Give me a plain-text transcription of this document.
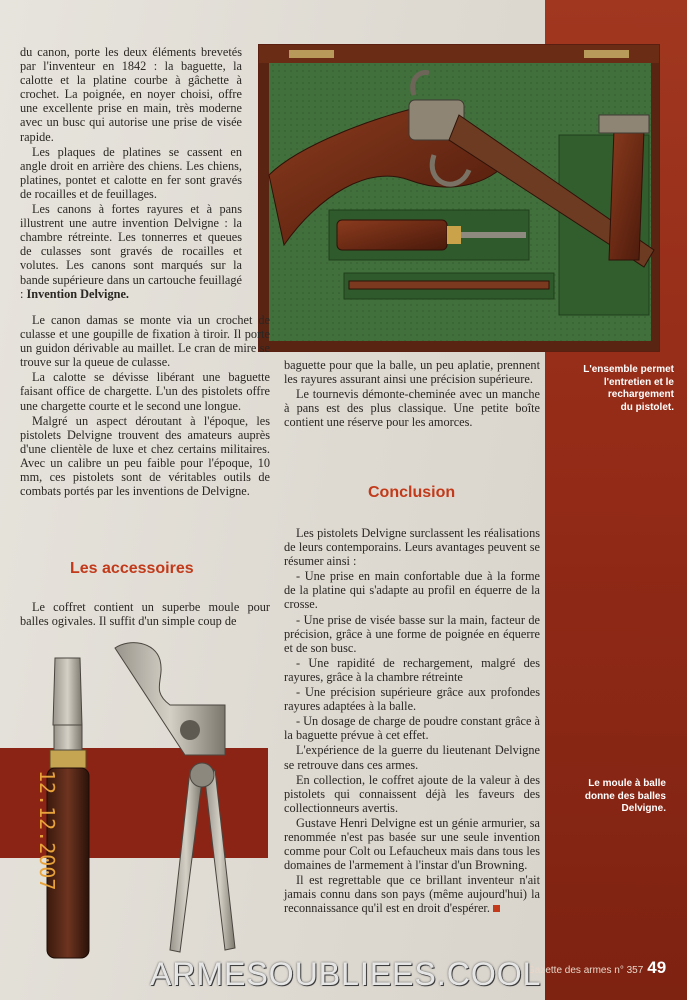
L'ensemble permet
l'entretien et le
rechargement
du pistolet.

du canon, porte les deux éléments brevetés par l'inventeur en 1842 : la baguette, la calotte et la platine courbe à gâchette à crochet. La poignée, en noyer choisi, offre une excellente prise en main, très moderne avec un busc qui autorise une prise de visée rapide.

Les plaques de platines se cassent en angle droit en arrière des chiens. Les chiens, platines, pontet et calotte en fer sont gravés de rocailles et de feuillages.

Les canons à fortes rayures et à pans illustrent une autre invention Delvigne : la chambre rétreinte. Les tonnerres et queues de culasses sont gravés de rocailles et volutes. Les canons sont marqués sur la bande supérieure dans un cartouche feuillagé : Invention Delvigne.

Le canon damas se monte via un crochet de culasse et une goupille de fixation à tiroir. Il porte un guidon dérivable au maillet. Le cran de mire se trouve sur la queue de culasse.

La calotte se dévisse libérant une baguette faisant office de chargette. L'un des pistolets offre une chargette courte et le second une longue.

Malgré un aspect déroutant à l'époque, les pistolets Delvigne trouvent des amateurs auprès d'une clientèle de luxe et chez certains militaires. Avec un calibre un peu faible pour l'époque, 10 mm, ces pistolets sont de véritables outils de combats portés par les inventions de Delvigne.

Les accessoires

Le coffret contient un superbe moule pour balles ogivales. Il suffit d'un simple coup de

baguette pour que la balle, un peu aplatie, prennent les rayures assurant ainsi une précision supérieure.

Le tournevis démonte-cheminée avec un manche à pans est des plus classique. Une petite boîte contient une réserve pour les amorces.

Conclusion

Les pistolets Delvigne surclassent les réalisations de leurs contemporains. Leurs avantages peuvent se résumer ainsi :

- Une prise en main confortable due à la forme de la platine qui s'adapte au profil en équerre de la crosse.

- Une prise de visée basse sur la main, facteur de précision, grâce à une forme de poignée en équerre et de son busc.

- Une rapidité de rechargement, malgré des rayures, grâce à la chambre rétreinte

- Une précision supérieure grâce aux profondes rayures adaptées à la balle.

- Un dosage de charge de poudre constant grâce à la baguette prévue à cet effet.

L'expérience de la guerre du lieutenant Delvigne se retrouve dans ces armes.

En collection, le coffret ajoute de la valeur à des pistolets qui connaissent déjà les faveurs des collectionneurs avertis.

Gustave Henri Delvigne est un génie armurier, sa renommée n'est pas basée sur une seule invention comme pour Colt ou Lefaucheux mais dans tous les domaines de l'armement à l'instar d'un Browning.

Il est regrettable que ce brillant inventeur n'ait jamais connu dans son pays (même aujourd'hui) la reconnaissance qu'il est en droit d'espérer.

Le moule à balle
donne des balles
Delvigne.
12.12.2007
Gazette des armes n° 357 49
ARMESOUBLIEES.COOL
